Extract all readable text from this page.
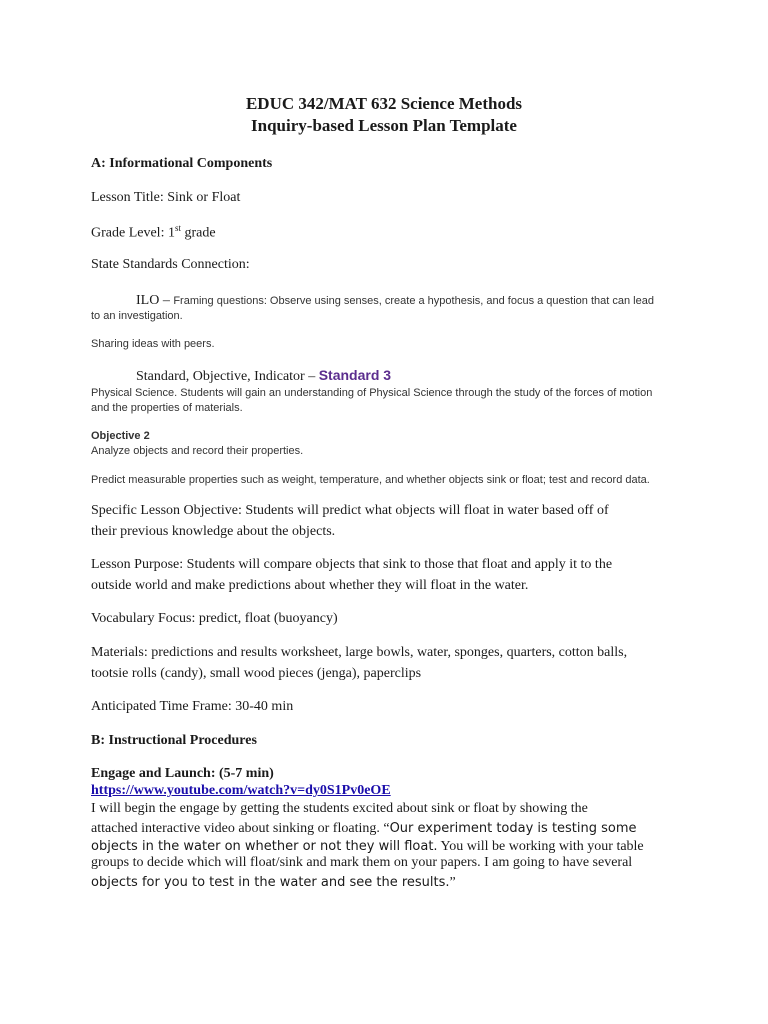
EDUC 342/MAT 632 Science Methods
Inquiry-based Lesson Plan Template
A: Informational Components
Lesson Title: Sink or Float
Grade Level: 1st grade
State Standards Connection:
ILO – Framing questions: Observe using senses, create a hypothesis, and focus a question that can lead
to an investigation.
Sharing ideas with peers.
Standard, Objective, Indicator – Standard 3
Physical Science. Students will gain an understanding of Physical Science through the study of the forces of motion
and the properties of materials.
Objective 2
Analyze objects and record their properties.
Predict measurable properties such as weight, temperature, and whether objects sink or float; test and record data.
Specific Lesson Objective: Students will predict what objects will float in water based off of
their previous knowledge about the objects.
Lesson Purpose: Students will compare objects that sink to those that float and apply it to the
outside world and make predictions about whether they will float in the water.
Vocabulary Focus: predict, float (buoyancy)
Materials: predictions and results worksheet, large bowls, water, sponges, quarters, cotton balls,
tootsie rolls (candy), small wood pieces (jenga), paperclips
Anticipated Time Frame: 30-40 min
B: Instructional Procedures
Engage and Launch: (5-7 min)
https://www.youtube.com/watch?v=dy0S1Pv0eOE
I will begin the engage by getting the students excited about sink or float by showing the
attached interactive video about sinking or floating. “Our experiment today is testing some
objects in the water on whether or not they will float. You will be working with your table
groups to decide which will float/sink and mark them on your papers. I am going to have several
objects for you to test in the water and see the results.”
